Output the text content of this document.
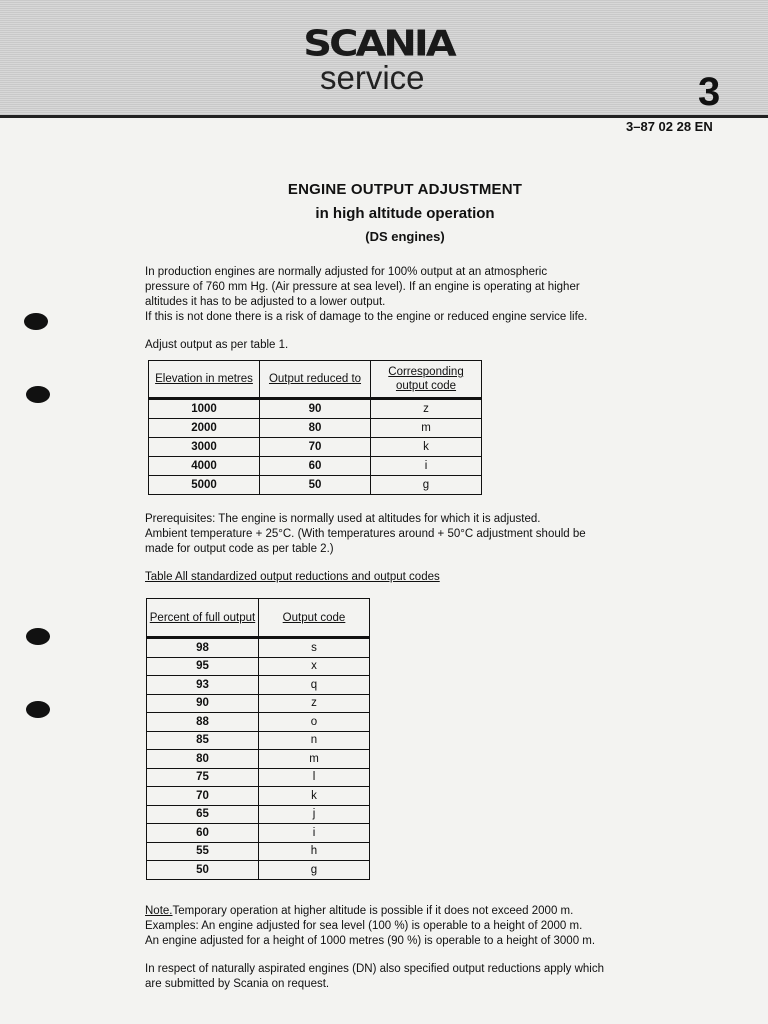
SCANIA
service	3
3–87 02 28 EN
ENGINE OUTPUT ADJUSTMENT
in high altitude operation
(DS engines)

In production engines are normally adjusted for 100% output at an atmospheric
pressure of 760 mm Hg. (Air pressure at sea level). If an engine is operating at higher
altitudes it has to be adjusted to a lower output.
If this is not done there is a risk of damage to the engine or reduced engine service life.

Adjust output as per table 1.

Elevation in metres	Output reduced to	Corresponding output code
1000	90	z
2000	80	m
3000	70	k
4000	60	i
5000	50	g

Prerequisites: The engine is normally used at altitudes for which it is adjusted.
Ambient temperature + 25°C. (With temperatures around + 50°C adjustment should be
made for output code as per table 2.)

Table All standardized output reductions and output codes

Percent of full output	Output code
98	s
95	x
93	q
90	z
88	o
85	n
80	m
75	l
70	k
65	j
60	i
55	h
50	g

Note.Temporary operation at higher altitude is possible if it does not exceed 2000 m.
Examples: An engine adjusted for sea level (100 %) is operable to a height of 2000 m.
An engine adjusted for a height of 1000 metres (90 %) is operable to a height of 3000 m.

In respect of naturally aspirated engines (DN) also specified output reductions apply which
are submitted by Scania on request.
